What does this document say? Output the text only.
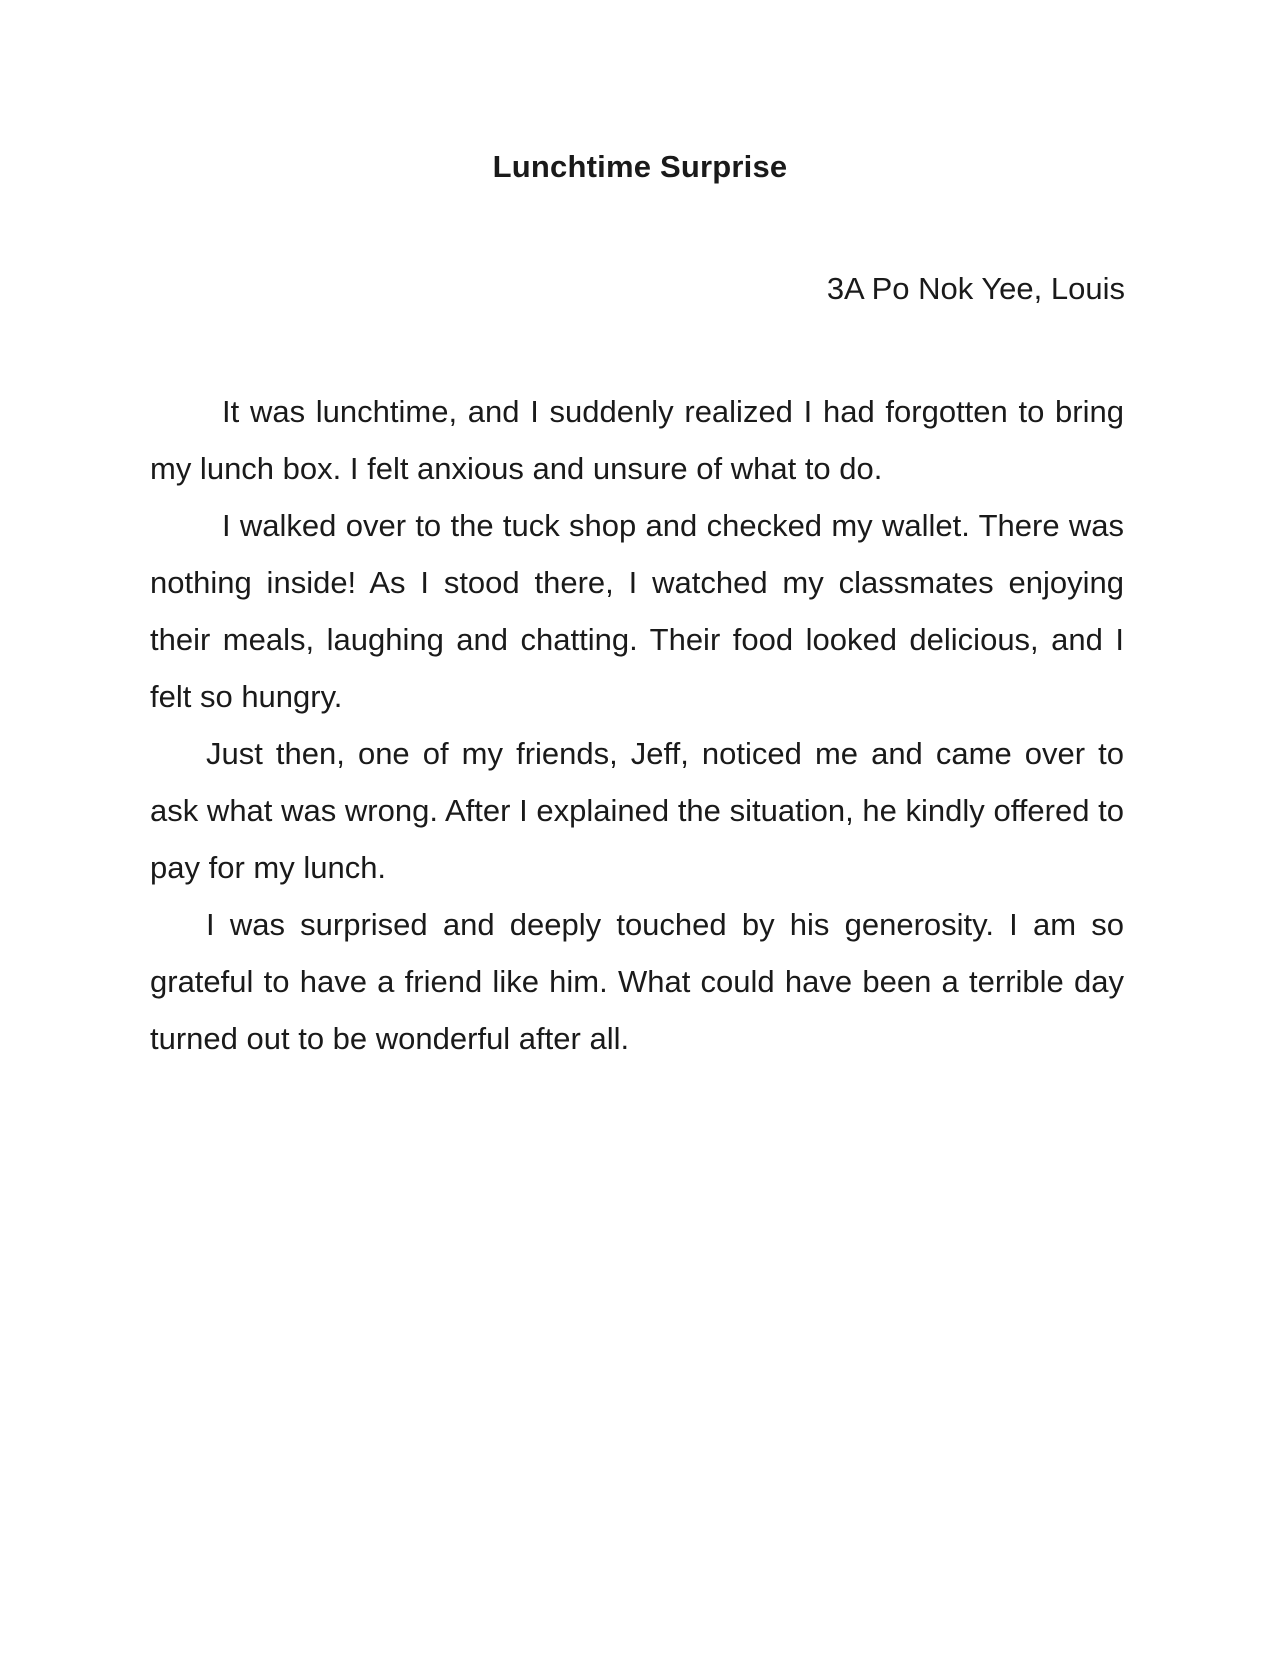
Lunchtime Surprise

3A Po Nok Yee, Louis

It was lunchtime, and I suddenly realized I had forgotten to bring my lunch box. I felt anxious and unsure of what to do.

I walked over to the tuck shop and checked my wallet. There was nothing inside! As I stood there, I watched my classmates enjoying their meals, laughing and chatting. Their food looked delicious, and I felt so hungry.

Just then, one of my friends, Jeff, noticed me and came over to ask what was wrong. After I explained the situation, he kindly offered to pay for my lunch.

I was surprised and deeply touched by his generosity. I am so grateful to have a friend like him. What could have been a terrible day turned out to be wonderful after all.
